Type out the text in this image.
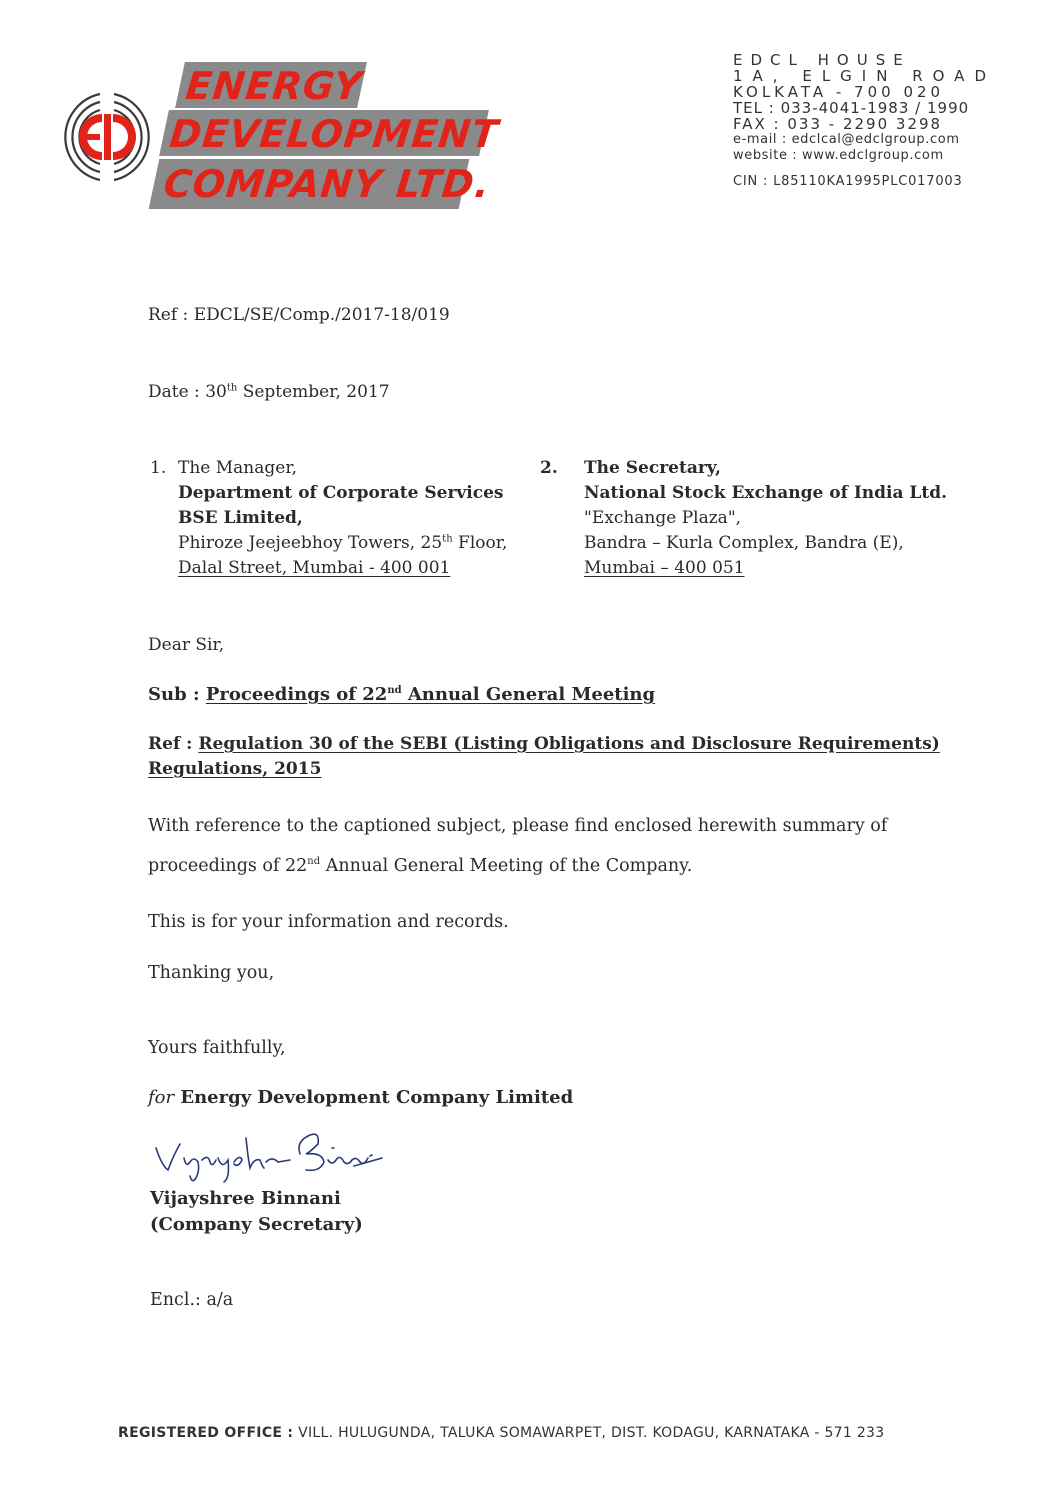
ENERGY
DEVELOPMENT
COMPANY LTD.
EDCL HOUSE
1A, ELGIN ROAD
KOLKATA - 700 020
TEL : 033-4041-1983 / 1990
FAX : 033 - 2290 3298
e-mail : edclcal@edclgroup.com
website : www.edclgroup.com
CIN : L85110KA1995PLC017003
Ref : EDCL/SE/Comp./2017-18/019
Date : 30th September, 2017
1. The Manager,
Department of Corporate Services
BSE Limited,
Phiroze Jeejeebhoy Towers, 25th Floor,
Dalal Street, Mumbai - 400 001
2. The Secretary,
National Stock Exchange of India Ltd.
"Exchange Plaza",
Bandra – Kurla Complex, Bandra (E),
Mumbai – 400 051
Dear Sir,
Sub : Proceedings of 22nd Annual General Meeting
Ref : Regulation 30 of the SEBI (Listing Obligations and Disclosure Requirements)
Regulations, 2015
With reference to the captioned subject, please find enclosed herewith summary of
proceedings of 22nd Annual General Meeting of the Company.
This is for your information and records.
Thanking you,
Yours faithfully,
for Energy Development Company Limited
Vijayshree Binnani
(Company Secretary)
Encl.: a/a
REGISTERED OFFICE : VILL. HULUGUNDA, TALUKA SOMAWARPET, DIST. KODAGU, KARNATAKA - 571 233
